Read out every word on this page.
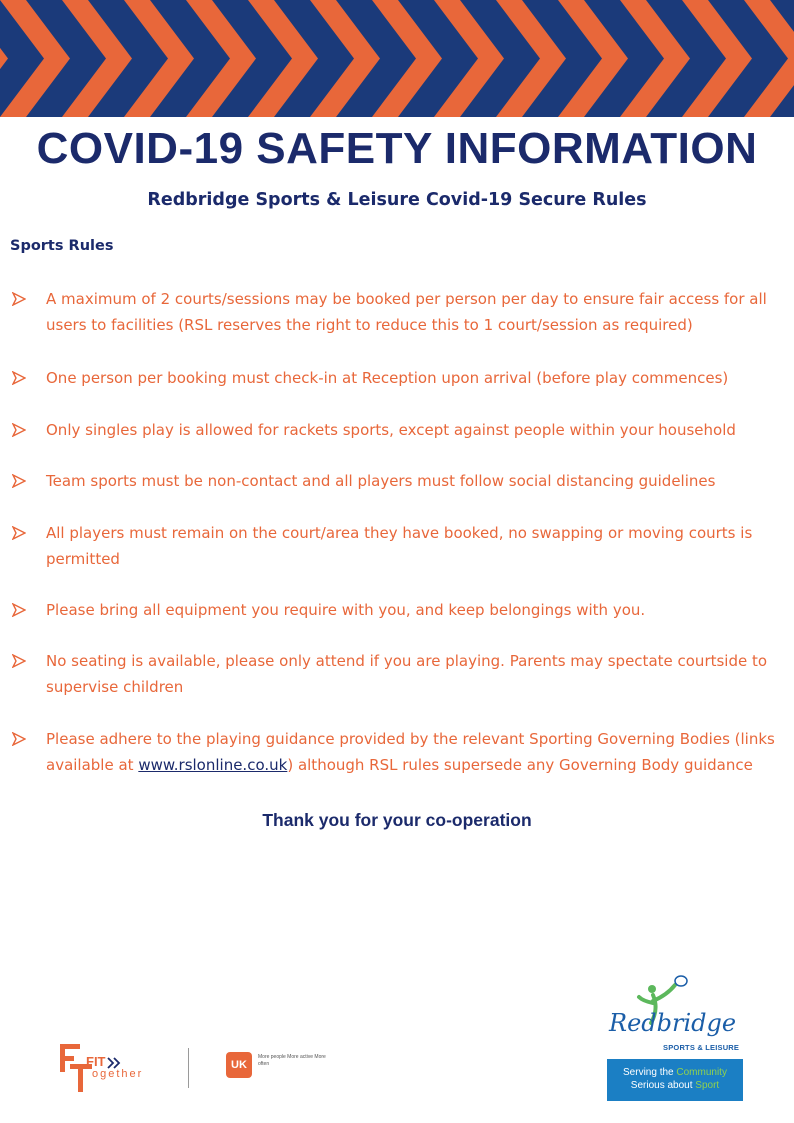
COVID-19 SAFETY INFORMATION
Redbridge Sports & Leisure Covid-19 Secure Rules
Sports Rules
A maximum of 2 courts/sessions may be booked per person per day to ensure fair access for all users to facilities (RSL reserves the right to reduce this to 1 court/session as required)
One person per booking must check-in at Reception upon arrival (before play commences)
Only singles play is allowed for rackets sports, except against people within your household
Team sports must be non-contact and all players must follow social distancing guidelines
All players must remain on the court/area they have booked, no swapping or moving courts is permitted
Please bring all equipment you require with you, and keep belongings with you.
No seating is available, please only attend if you are playing. Parents may spectate courtside to supervise children
Please adhere to the playing guidance provided by the relevant Sporting Governing Bodies (links available at www.rslonline.co.uk) although RSL rules supersede any Governing Body guidance
Thank you for your co-operation
FIT
ogether
UK
More people More active More often
Redbridge
SPORTS & LEISURE
Serving the Community
Serious about Sport
